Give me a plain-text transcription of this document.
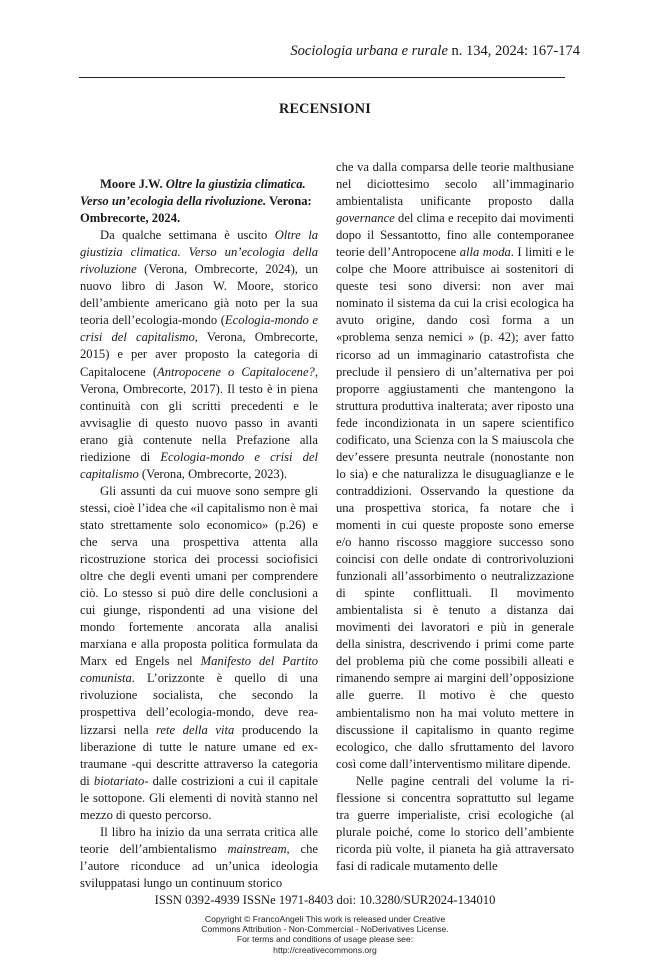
Sociologia urbana e rurale n. 134, 2024: 167-174
RECENSIONI

Moore J.W. Oltre la giustizia climatica. Verso un’ecologia della rivoluzione. Verona: Ombrecorte, 2024.

Da qualche settimana è uscito Oltre la giustizia climatica. Verso un’ecologia della rivoluzione (Verona, Ombrecorte, 2024), un nuovo libro di Jason W. Moore, storico dell’ambiente americano già noto per la sua teoria dell’ecologia-mondo (Ecologia-mondo e crisi del capitalismo, Verona, Ombrecorte, 2015) e per aver proposto la categoria di Capitalocene (Antropocene o Capitalocene?, Verona, Ombrecorte, 2017). Il testo è in piena continuità con gli scritti precedenti e le avvisaglie di questo nuovo passo in avanti erano già contenute nella Prefazione alla riedizione di Ecologia-mondo e crisi del capitalismo (Verona, Ombrecorte, 2023).

Gli assunti da cui muove sono sempre gli stessi, cioè l’idea che «il capitalismo non è mai stato strettamente solo economico» (p.26) e che serva una prospettiva attenta alla ricostruzione storica dei processi sociofisici oltre che degli eventi umani per comprendere ciò. Lo stesso si può dire delle conclusioni a cui giunge, rispondenti ad una visione del mondo fortemente ancorata alla analisi marxiana e alla proposta politica formulata da Marx ed Engels nel Manifesto del Partito comunista. L’orizzonte è quello di una rivoluzione socialista, che secondo la prospettiva dell’ecologia-mondo, deve realizzarsi nella rete della vita producendo la liberazione di tutte le nature umane ed extraumane -qui descritte attraverso la categoria di biotariato- dalle costrizioni a cui il capitale le sottopone. Gli elementi di novità stanno nel mezzo di questo percorso.

Il libro ha inizio da una serrata critica alle teorie dell’ambientalismo mainstream, che l’autore riconduce ad un’unica ideologia sviluppatasi lungo un continuum storico

che va dalla comparsa delle teorie malthusiane nel diciottesimo secolo all’immaginario ambientalista unificante proposto dalla governance del clima e recepito dai movimenti dopo il Sessantotto, fino alle contemporanee teorie dell’Antropocene alla moda. I limiti e le colpe che Moore attribuisce ai sostenitori di queste tesi sono diversi: non aver mai nominato il sistema da cui la crisi ecologica ha avuto origine, dando così forma a un «problema senza nemici » (p. 42); aver fatto ricorso ad un immaginario catastrofista che preclude il pensiero di un’alternativa per poi proporre aggiustamenti che mantengono la struttura produttiva inalterata; aver riposto una fede incondizionata in un sapere scientifico codificato, una Scienza con la S maiuscola che dev’essere presunta neutrale (nonostante non lo sia) e che naturalizza le disuguaglianze e le contraddizioni. Osservando la questione da una prospettiva storica, fa notare che i momenti in cui queste proposte sono emerse e/o hanno riscosso maggiore successo sono coincisi con delle ondate di controrivoluzioni funzionali all’assorbimento o neutralizzazione di spinte conflittuali. Il movimento ambientalista si è tenuto a distanza dai movimenti dei lavoratori e più in generale della sinistra, descrivendo i primi come parte del problema più che come possibili alleati e rimanendo sempre ai margini dell’opposizione alle guerre. Il motivo è che questo ambientalismo non ha mai voluto mettere in discussione il capitalismo in quanto regime ecologico, che dallo sfruttamento del lavoro così come dall’interventismo militare dipende.

Nelle pagine centrali del volume la riflessione si concentra soprattutto sul legame tra guerre imperialiste, crisi ecologiche (al plurale poiché, come lo storico dell’ambiente ricorda più volte, il pianeta ha già attraversato fasi di radicale mutamento delle

ISSN 0392-4939 ISSNe 1971-8403 doi: 10.3280/SUR2024-134010
Copyright © FrancoAngeli This work is released under Creative
Commons Attribution - Non-Commercial - NoDerivatives License.
For terms and conditions of usage please see:
http://creativecommons.org
